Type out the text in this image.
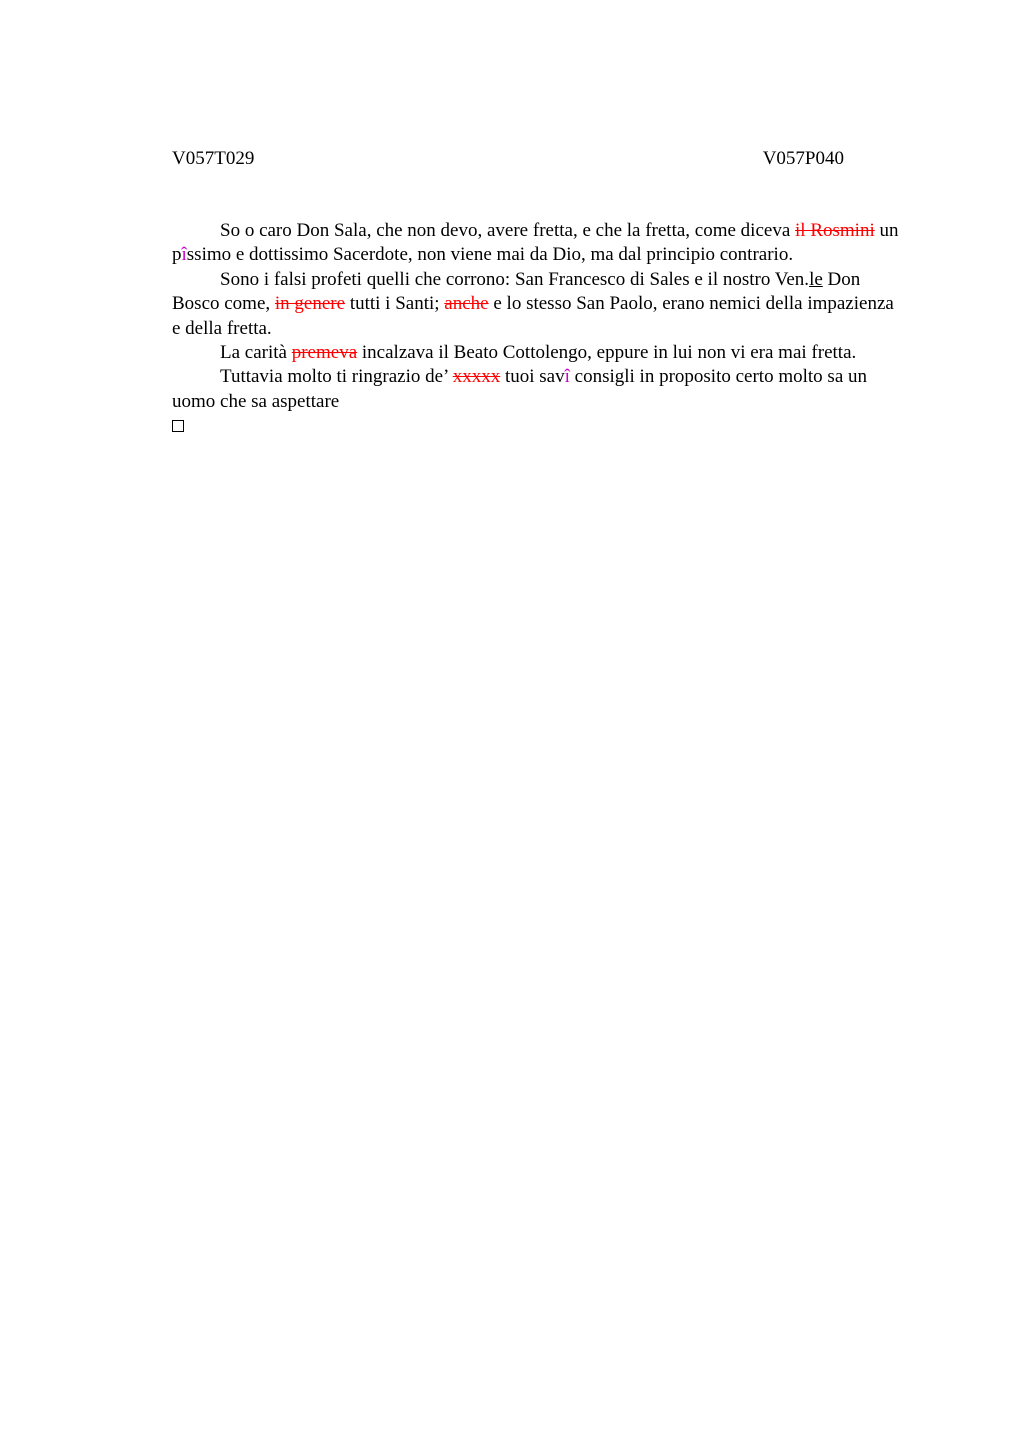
V057T029	V057P040

So o caro Don Sala, che non devo, avere fretta, e che la fretta, come diceva il Rosmini un pîssimo e dottissimo Sacerdote, non viene mai da Dio, ma dal principio contrario.

Sono i falsi profeti quelli che corrono: San Francesco di Sales e il nostro Ven.le Don Bosco come, in genere tutti i Santi; anche e lo stesso San Paolo, erano nemici della impazienza e della fretta.

La carità premeva incalzava il Beato Cottolengo, eppure in lui non vi era mai fretta.

Tuttavia molto ti ringrazio de’ xxxxx tuoi savî consigli in proposito certo molto sa un uomo che sa aspettare
